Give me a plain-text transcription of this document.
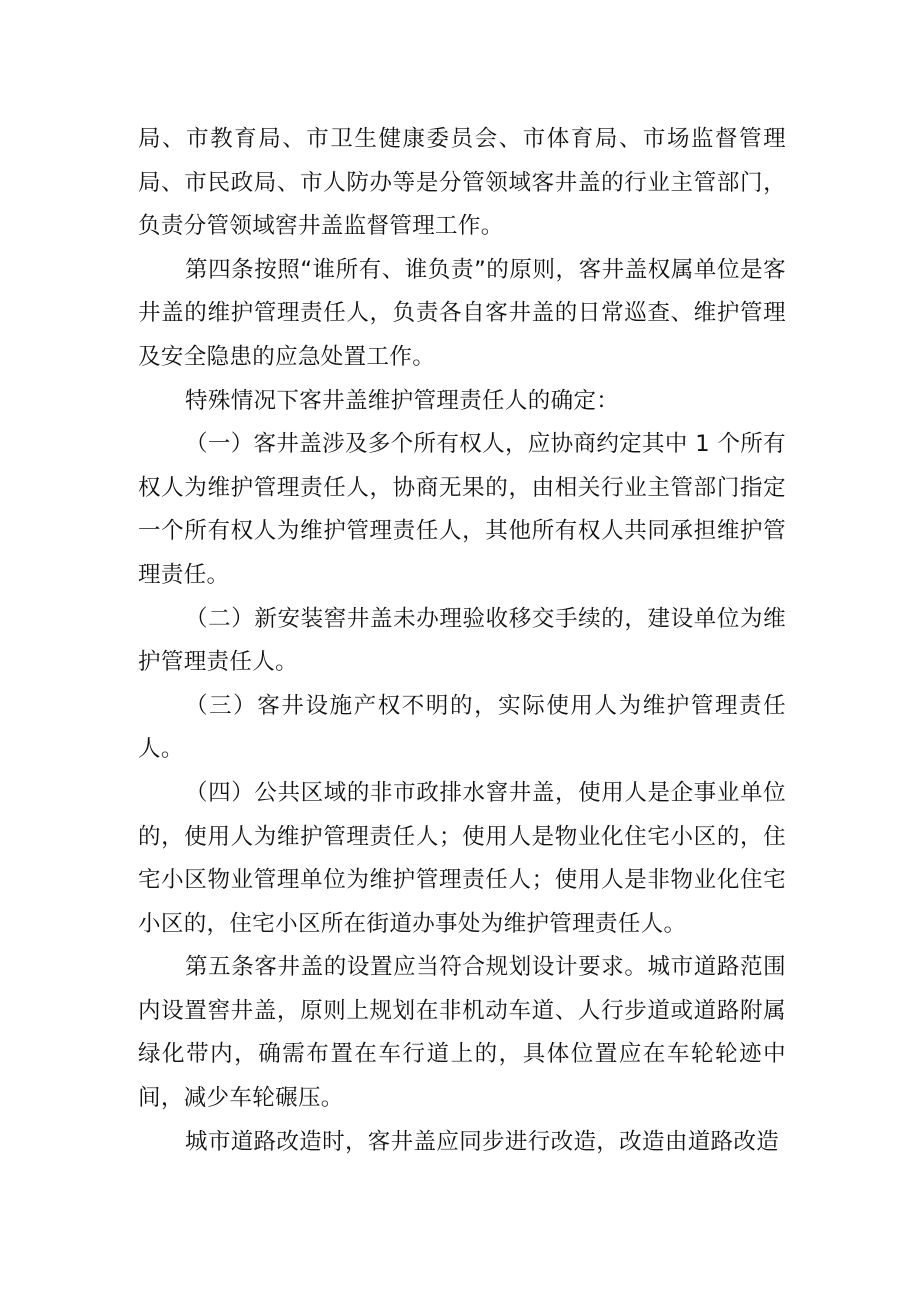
局、市教育局、市卫生健康委员会、市体育局、市场监督管理局、市民政局、市人防办等是分管领域客井盖的行业主管部门，负责分管领域窖井盖监督管理工作。

第四条按照“谁所有、谁负责”的原则，客井盖权属单位是客井盖的维护管理责任人，负责各自客井盖的日常巡查、维护管理及安全隐患的应急处置工作。

特殊情况下客井盖维护管理责任人的确定：

（一）客井盖涉及多个所有权人，应协商约定其中 1 个所有权人为维护管理责任人，协商无果的，由相关行业主管部门指定一个所有权人为维护管理责任人，其他所有权人共同承担维护管理责任。

（二）新安装窖井盖未办理验收移交手续的，建设单位为维护管理责任人。

（三）客井设施产权不明的，实际使用人为维护管理责任人。

（四）公共区域的非市政排水窨井盖，使用人是企事业单位的，使用人为维护管理责任人；使用人是物业化住宅小区的，住宅小区物业管理单位为维护管理责任人；使用人是非物业化住宅小区的，住宅小区所在街道办事处为维护管理责任人。

第五条客井盖的设置应当符合规划设计要求。城市道路范围内设置窖井盖，原则上规划在非机动车道、人行步道或道路附属绿化带内，确需布置在车行道上的，具体位置应在车轮轮迹中间，减少车轮碾压。

城市道路改造时，客井盖应同步进行改造，改造由道路改造
